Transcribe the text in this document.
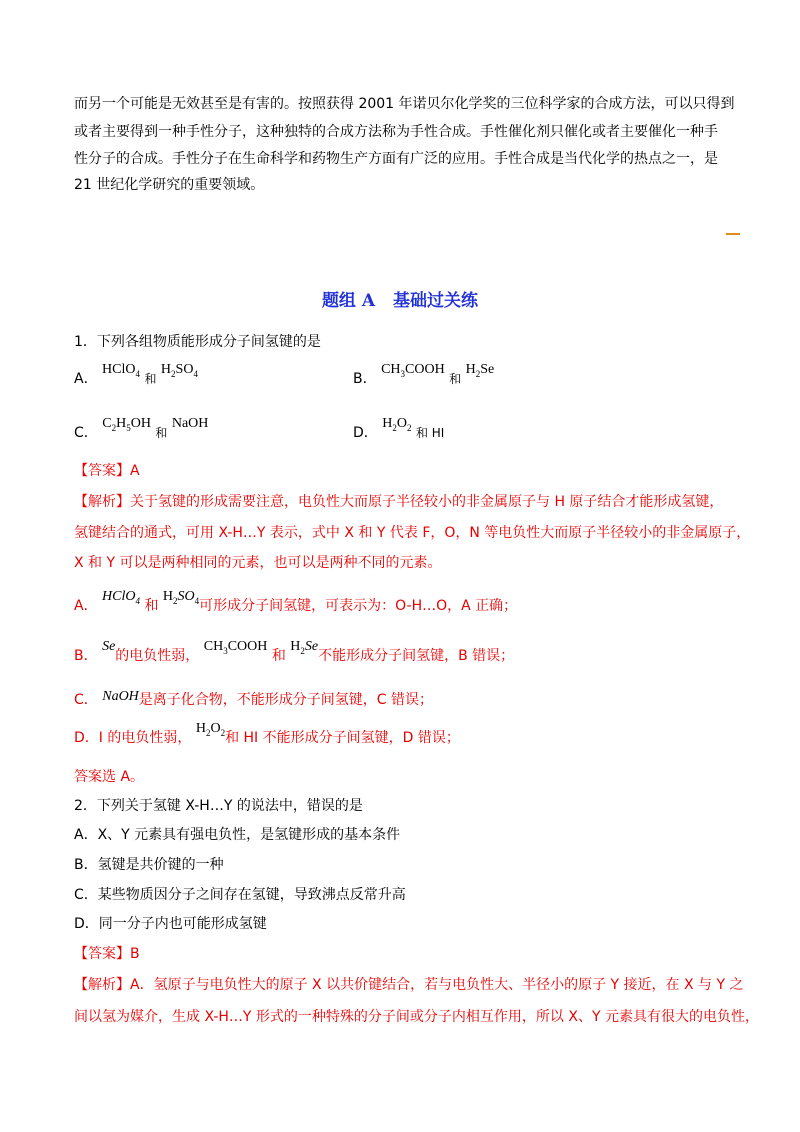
而另一个可能是无效甚至是有害的。按照获得 2001 年诺贝尔化学奖的三位科学家的合成方法，可以只得到
或者主要得到一种手性分子，这种独特的合成方法称为手性合成。手性催化剂只催化或者主要催化一种手
性分子的合成。手性分子在生命科学和药物生产方面有广泛的应用。手性合成是当代化学的热点之一，是
21 世纪化学研究的重要领域。
题组 A 基础过关练
1．下列各组物质能形成分子间氢键的是
A． HClO$_4$ 和 $H_2SO_4$	B． $CH_3COOH$ 和 $H_2Se$
C． $C_2H_5OH$ 和 NaOH
D． $H_2O_2$ 和 HI
【答案】A
【解析】关于氢键的形成需要注意，电负性大而原子半径较小的非金属原子与 H 原子结合才能形成氢键，
氢键结合的通式，可用 X-H…Y 表示，式中 X 和 Y 代表 F，O，N 等电负性大而原子半径较小的非金属原子，
X 和 Y 可以是两种相同的元素，也可以是两种不同的元素。
A． HClO$_4$ 和 $H_2SO_4$可形成分子间氢键，可表示为：O-H…O，A 正确；
B． Se的电负性弱， $CH_3COOH$ 和 $H_2Se$不能形成分子间氢键，B 错误；
C． NaOH是离子化合物，不能形成分子间氢键，C 错误；
D．I 的电负性弱， $H_2O_2$和 HI 不能形成分子间氢键，D 错误；
答案选 A。
2．下列关于氢键 X-H…Y 的说法中，错误的是
A．X、Y 元素具有强电负性，是氢键形成的基本条件
B．氢键是共价键的一种
C．某些物质因分子之间存在氢键，导致沸点反常升高
D．同一分子内也可能形成氢键
【答案】B
【解析】A．氢原子与电负性大的原子 X 以共价键结合，若与电负性大、半径小的原子 Y 接近，在 X 与 Y 之
间以氢为媒介，生成 X-H…Y 形式的一种特殊的分子间或分子内相互作用，所以 X、Y 元素具有很大的电负性，
